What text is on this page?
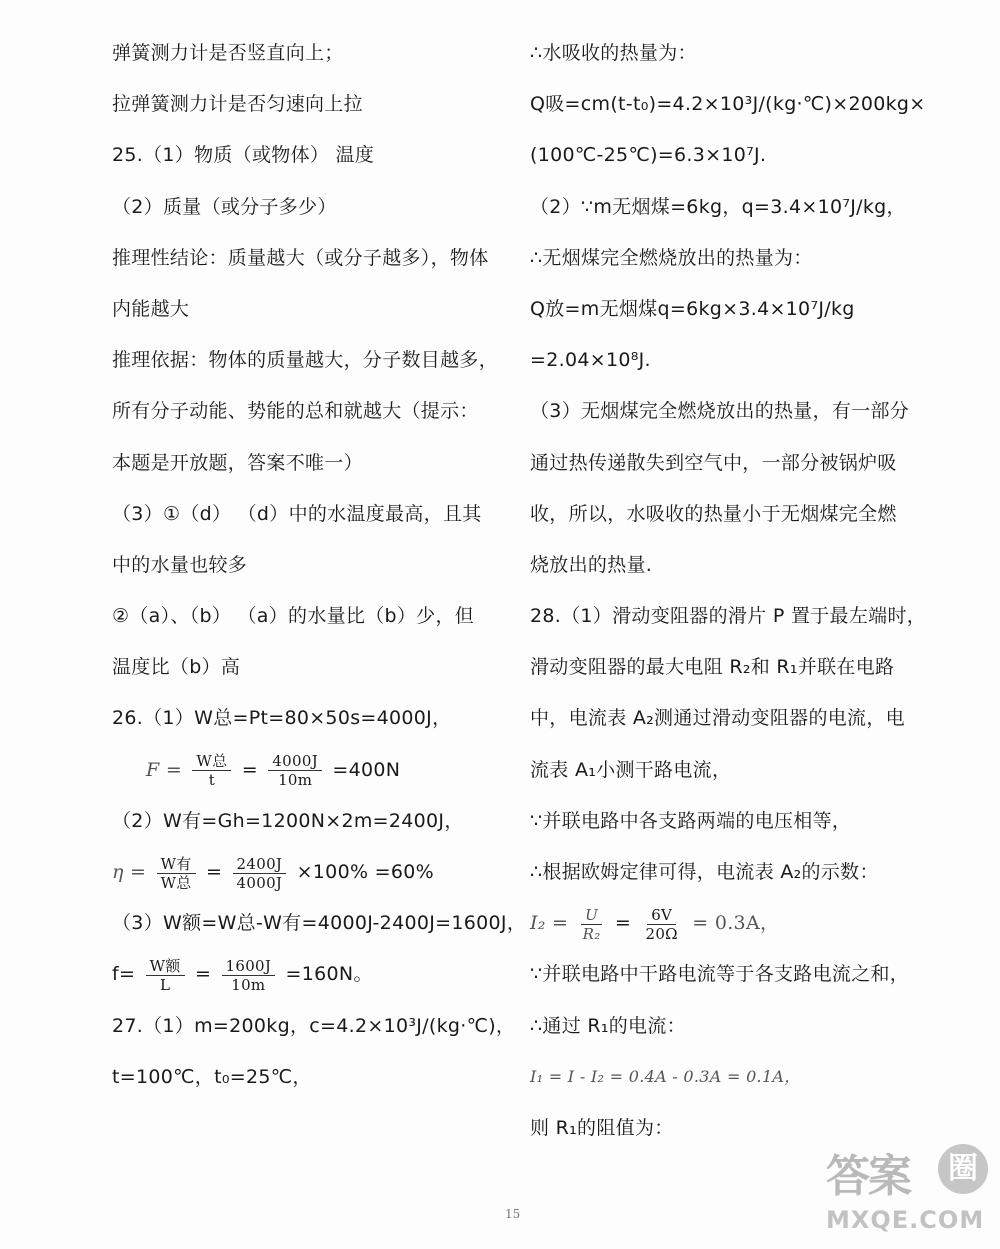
弹簧测力计是否竖直向上；
拉弹簧测力计是否匀速向上拉
25.（1）物质（或物体） 温度
（2）质量（或分子多少）
推理性结论：质量越大（或分子越多），物体
内能越大
推理依据：物体的质量越大，分子数目越多，
所有分子动能、势能的总和就越大（提示：
本题是开放题，答案不唯一）
（3）①（d） （d）中的水温度最高，且其
中的水量也较多
②（a）、（b） （a）的水量比（b）少，但
温度比（b）高
26.（1）W总=Pt=80×50s=4000J，
$F = \frac{\text{W总}}{t} = \frac{4000J}{10m} =400N$
（2）W有=Gh=1200N×2m=2400J，
$\eta = \frac{\text{W有}}{\text{W总}} = \frac{2400J}{4000J} \times 100\% =60\%$
（3）W额=W总-W有=4000J-2400J=1600J，
$f= \frac{\text{W额}}{L} = \frac{1600J}{10m} =160N$。
27.（1）m=200kg，c=4.2×10³J/(kg·℃)，
t=100℃，t₀=25℃，
∴水吸收的热量为：
Q吸=cm(t-t₀)=4.2×10³J/(kg·℃)×200kg×
(100℃-25℃)=6.3×10⁷J.
（2）∵m无烟煤=6kg，q=3.4×10⁷J/kg，
∴无烟煤完全燃烧放出的热量为：
Q放=m无烟煤q=6kg×3.4×10⁷J/kg
=2.04×10⁸J.
（3）无烟煤完全燃烧放出的热量，有一部分
通过热传递散失到空气中，一部分被锅炉吸
收，所以，水吸收的热量小于无烟煤完全燃
烧放出的热量.
28.（1）滑动变阻器的滑片 P 置于最左端时，
滑动变阻器的最大电阻 R₂和 R₁并联在电路
中，电流表 A₂测通过滑动变阻器的电流，电
流表 A₁小测干路电流，
∵并联电路中各支路两端的电压相等，
∴根据欧姆定律可得，电流表 A₂的示数：
$I_2 = \frac{U}{\text{R₂}} = \frac{6V}{20\Omega} = 0.3A$，
∵并联电路中干路电流等于各支路电流之和，
∴通过 R₁的电流：
I₁ = I - I₂ = 0.4A - 0.3A = 0.1A，
则 R₁的阻值为：
15
答案	圈
MXQE.COM
